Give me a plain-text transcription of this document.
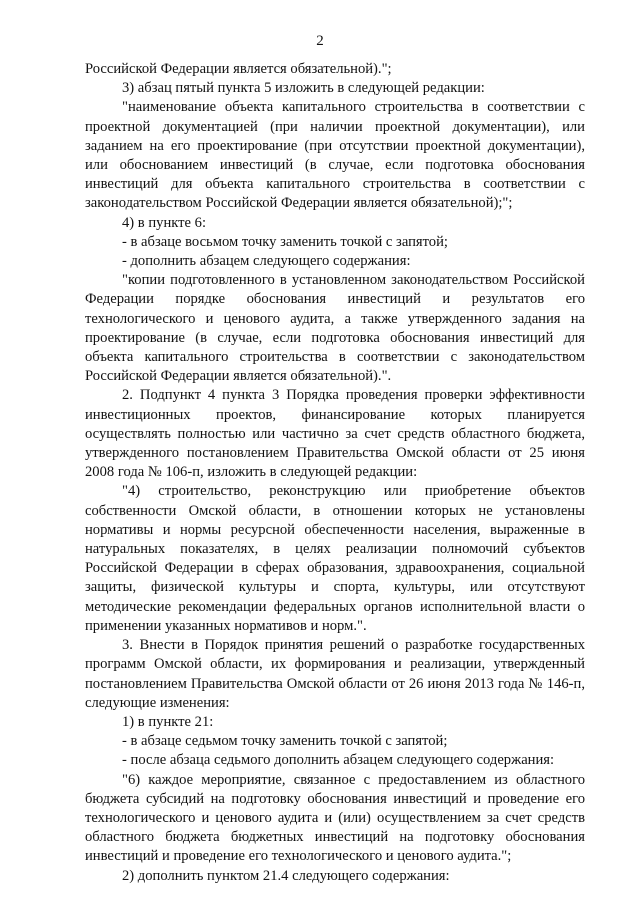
2

Российской Федерации является обязательной).";

3) абзац пятый пункта 5 изложить в следующей редакции:

"наименование объекта капитального строительства в соответствии с проектной документацией (при наличии проектной документации), или заданием на его проектирование (при отсутствии проектной документации), или обоснованием инвестиций (в случае, если подготовка обоснования инвестиций для объекта капитального строительства в соответствии с законодательством Российской Федерации является обязательной);";

4) в пункте 6:

- в абзаце восьмом точку заменить точкой с запятой;

- дополнить абзацем следующего содержания:

"копии подготовленного в установленном законодательством Российской Федерации порядке обоснования инвестиций и результатов его технологического и ценового аудита, а также утвержденного задания на проектирование (в случае, если подготовка обоснования инвестиций для объекта капитального строительства в соответствии с законодательством Российской Федерации является обязательной).".

2. Подпункт 4 пункта 3 Порядка проведения проверки эффективности инвестиционных проектов, финансирование которых планируется осуществлять полностью или частично за счет средств областного бюджета, утвержденного постановлением Правительства Омской области от 25 июня 2008 года № 106-п, изложить в следующей редакции:

"4) строительство, реконструкцию или приобретение объектов собственности Омской области, в отношении которых не установлены нормативы и нормы ресурсной обеспеченности населения, выраженные в натуральных показателях, в целях реализации полномочий субъектов Российской Федерации в сферах образования, здравоохранения, социальной защиты, физической культуры и спорта, культуры, или отсутствуют методические рекомендации федеральных органов исполнительной власти о применении указанных нормативов и норм.".

3. Внести в Порядок принятия решений о разработке государственных программ Омской области, их формирования и реализации, утвержденный постановлением Правительства Омской области от 26 июня 2013 года № 146-п, следующие изменения:

1) в пункте 21:

- в абзаце седьмом точку заменить точкой с запятой;

- после абзаца седьмого дополнить абзацем следующего содержания:

"6) каждое мероприятие, связанное с предоставлением из областного бюджета субсидий на подготовку обоснования инвестиций и проведение его технологического и ценового аудита и (или) осуществлением за счет средств областного бюджета бюджетных инвестиций на подготовку обоснования инвестиций и проведение его технологического и ценового аудита.";

2) дополнить пунктом 21.4 следующего содержания:
